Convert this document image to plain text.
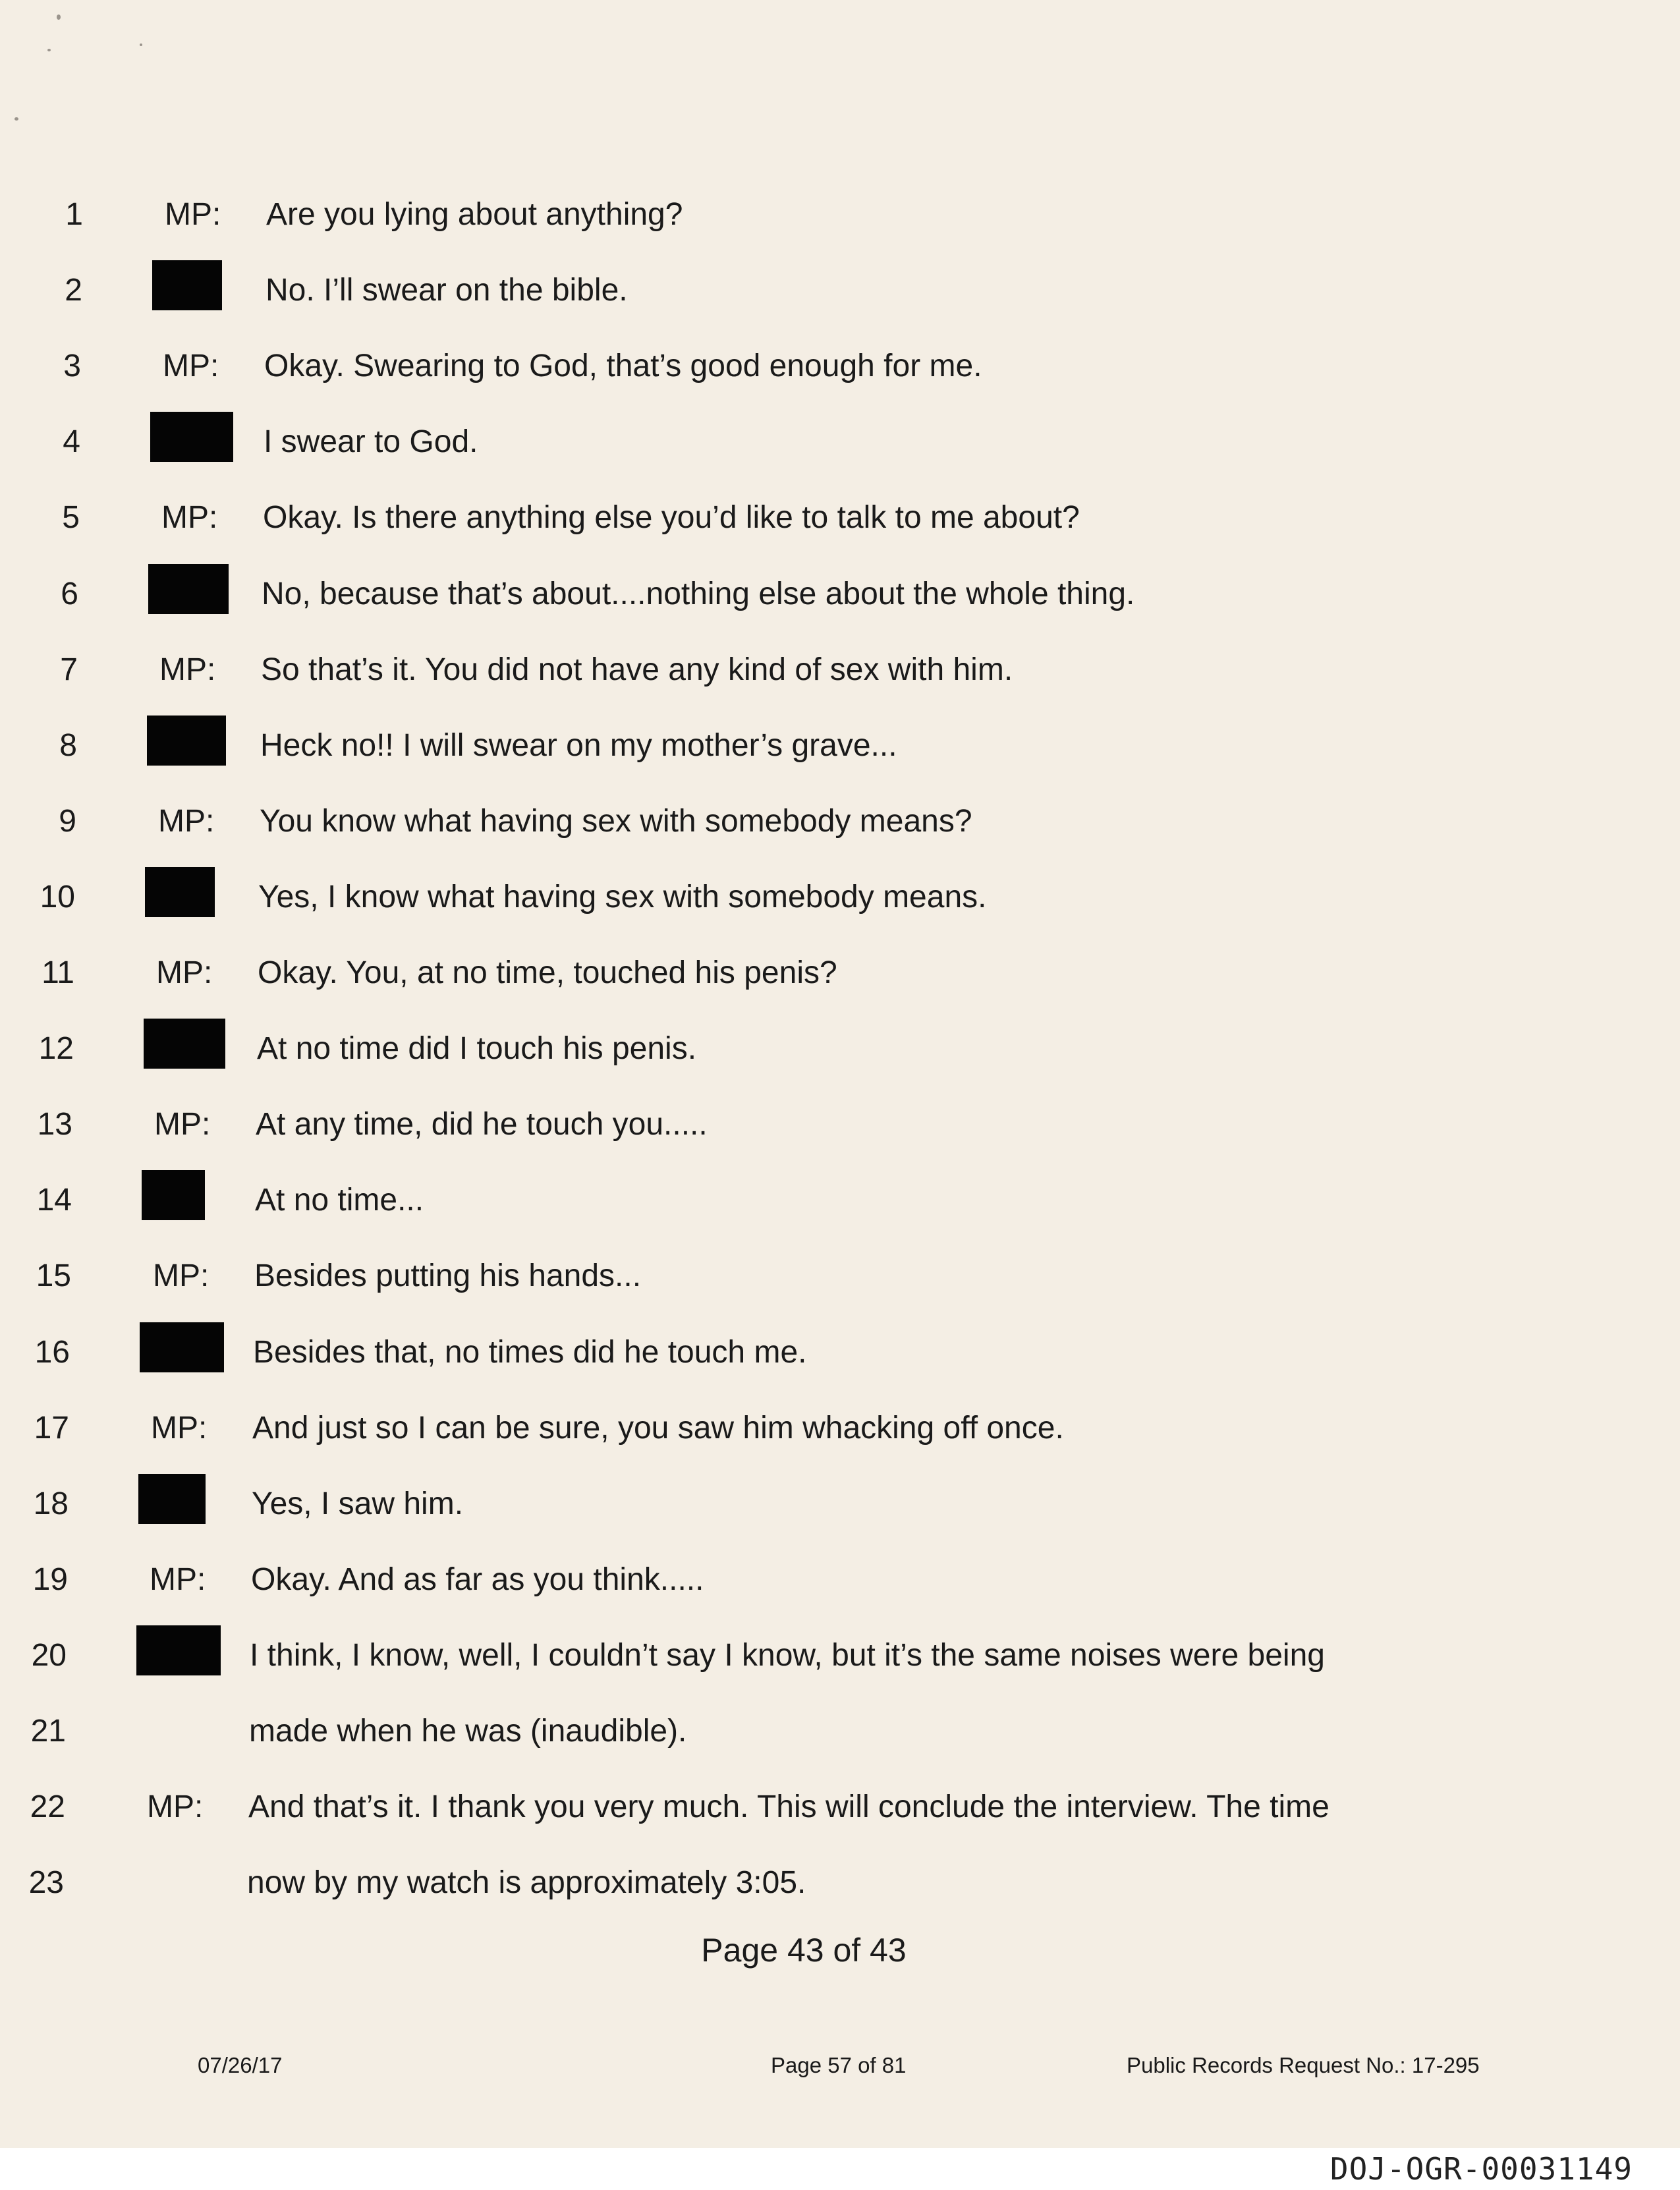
1	MP: Are you lying about anything?
2	No. I’ll swear on the bible.
3	MP: Okay. Swearing to God, that’s good enough for me.
4	I swear to God.
5	MP: Okay. Is there anything else you’d like to talk to me about?
6	No, because that’s about....nothing else about the whole thing.
7	MP: So that’s it. You did not have any kind of sex with him.
8	Heck no!! I will swear on my mother’s grave...
9	MP: You know what having sex with somebody means?
10	Yes, I know what having sex with somebody means.
11	MP: Okay. You, at no time, touched his penis?
12	At no time did I touch his penis.
13	MP: At any time, did he touch you.....
14	At no time...
15	MP: Besides putting his hands...
16	Besides that, no times did he touch me.
17	MP: And just so I can be sure, you saw him whacking off once.
18	Yes, I saw him.
19	MP: Okay. And as far as you think.....
20	I think, I know, well, I couldn’t say I know, but it’s the same noises were being
21	made when he was (inaudible).
22	MP: And that’s it. I thank you very much. This will conclude the interview. The time
23	now by my watch is approximately 3:05.
Page 43 of 43
07/26/17	Page 57 of 81	Public Records Request No.: 17-295
DOJ-OGR-00031149
